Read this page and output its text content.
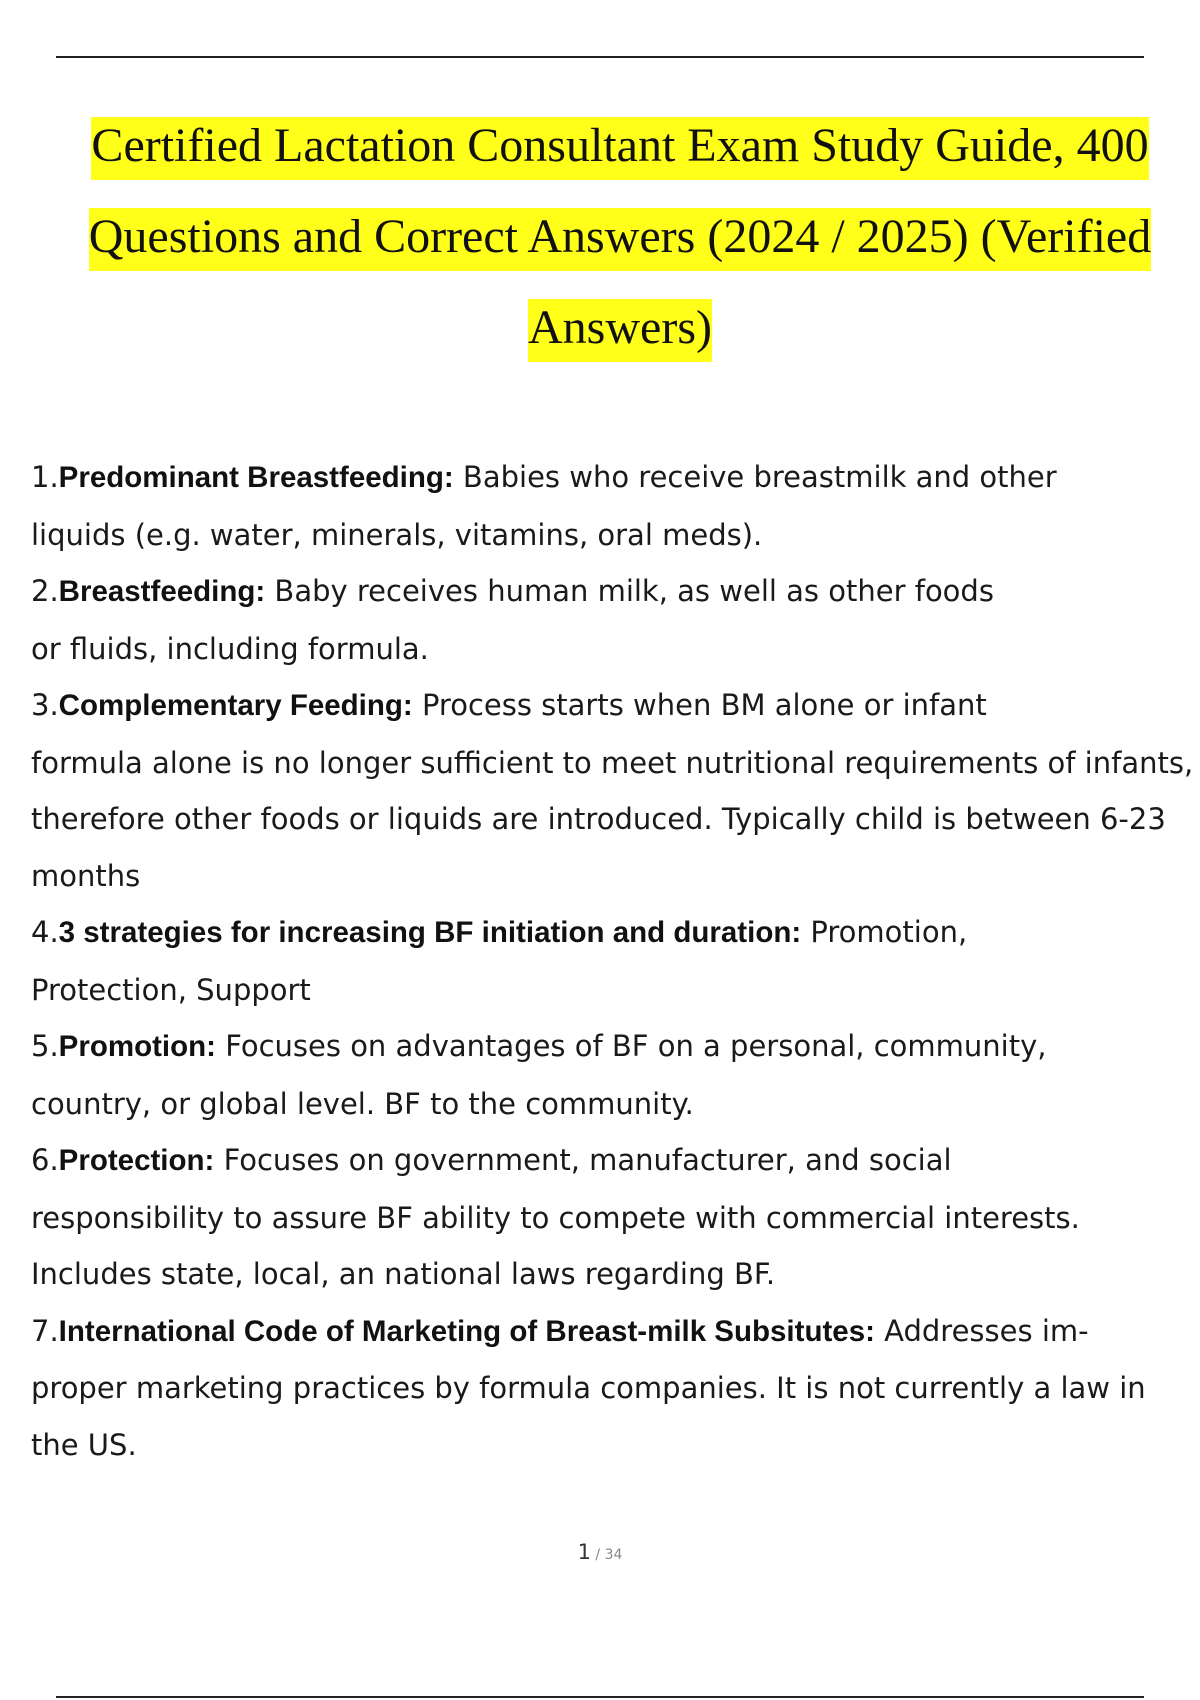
Certified Lactation Consultant Exam Study Guide, 400
Questions and Correct Answers (2024 / 2025) (Verified
Answers)
1.Predominant Breastfeeding: Babies who receive breastmilk and other
liquids (e.g. water, minerals, vitamins, oral meds).
2.Breastfeeding: Baby receives human milk, as well as other foods
or fluids, including formula.
3.Complementary Feeding: Process starts when BM alone or infant
formula alone is no longer sufficient to meet nutritional requirements of infants, therefore other foods or liquids are introduced. Typically child is between 6-23 months
4.3 strategies for increasing BF initiation and duration: Promotion,
Protection, Support
5.Promotion: Focuses on advantages of BF on a personal, community,
country, or global level. BF to the community.
6.Protection: Focuses on government, manufacturer, and social
responsibility to assure BF ability to compete with commercial interests.
Includes state, local, an national laws regarding BF.
7.International Code of Marketing of Breast-milk Subsitutes: Addresses im-
proper marketing practices by formula companies. It is not currently a law in the US.
1 / 34
